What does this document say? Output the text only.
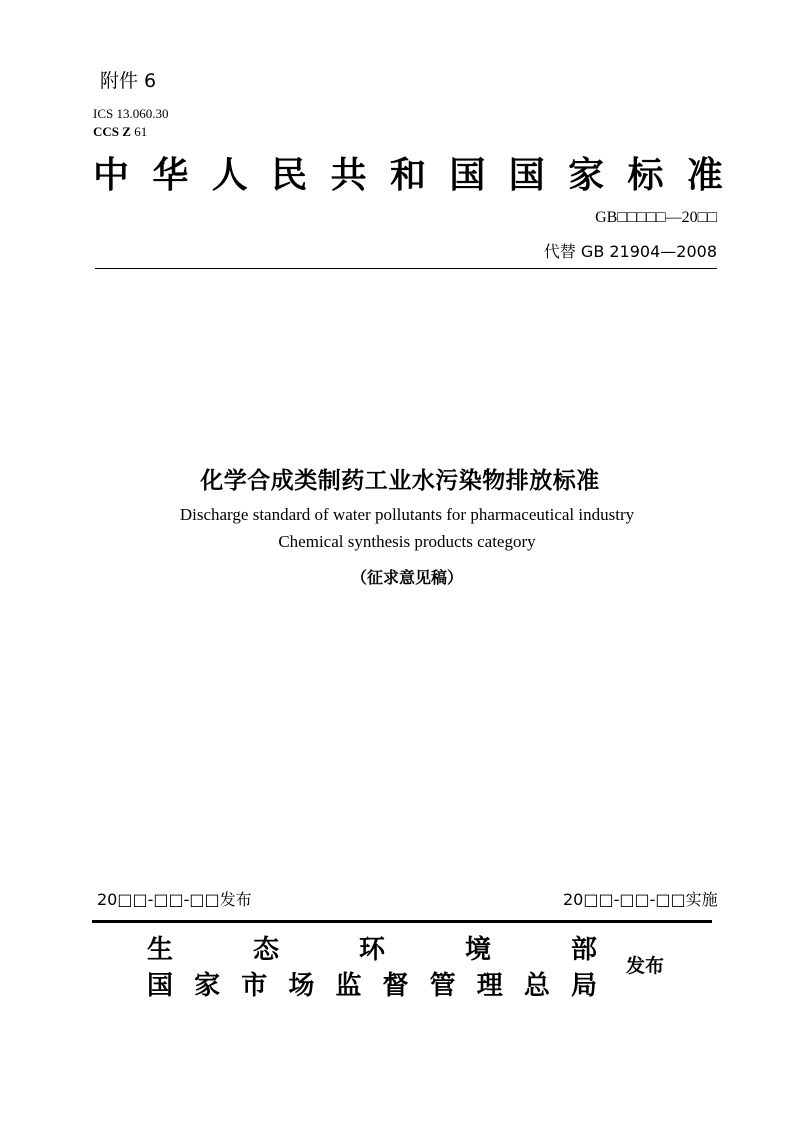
附件 6
ICS 13.060.30
CCS Z 61
中 华 人 民 共 和 国 国 家 标 准
GB□□□□□—20□□
代替 GB 21904—2008
化学合成类制药工业水污染物排放标准
Discharge standard of water pollutants for pharmaceutical industry
Chemical synthesis products category
（征求意见稿）
20□□-□□-□□发布	20□□-□□-□□实施
生	态	环	境	部
国 家 市 场 监 督 管 理 总 局
发布
